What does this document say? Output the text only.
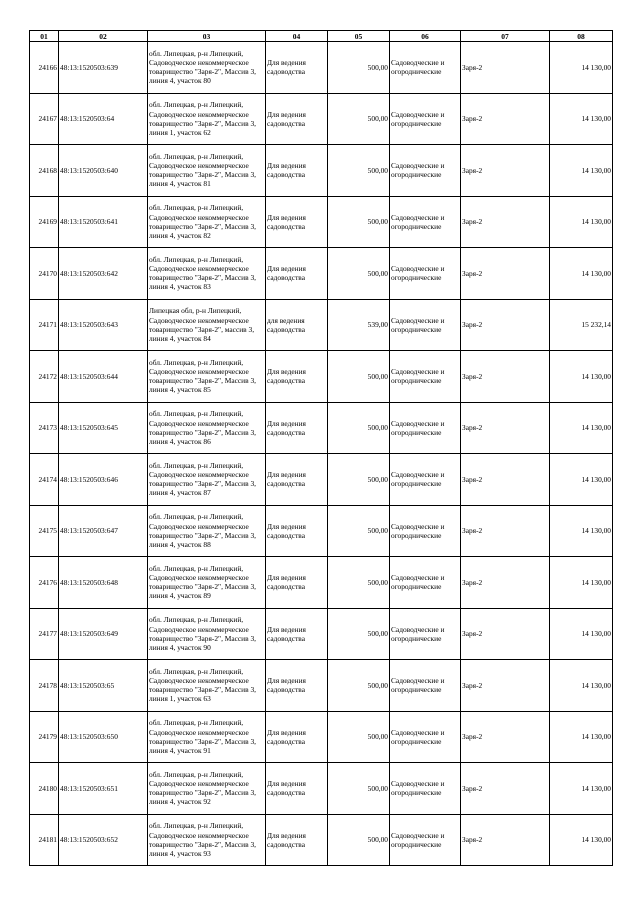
01	02	03	04	05	06	07	08
24166	48:13:1520503:639	обл. Липецкая, р-н Липецкий, Садоводческое некоммерческое товарищество "Заря-2", Массив 3, линия 4, участок 80	Для ведения садоводства	500,00	Садоводческие и огороднические	Заря-2	14 130,00
24167	48:13:1520503:64	обл. Липецкая, р-н Липецкий, Садоводческое некоммерческое товарищество "Заря-2", Массив 3, линия 1, участок 62	Для ведения садоводства	500,00	Садоводческие и огороднические	Заря-2	14 130,00
24168	48:13:1520503:640	обл. Липецкая, р-н Липецкий, Садоводческое некоммерческое товарищество "Заря-2", Массив 3, линия 4, участок 81	Для ведения садоводства	500,00	Садоводческие и огороднические	Заря-2	14 130,00
24169	48:13:1520503:641	обл. Липецкая, р-н Липецкий, Садоводческое некоммерческое товарищество "Заря-2", Массив 3, линия 4, участок 82	Для ведения садоводства	500,00	Садоводческие и огороднические	Заря-2	14 130,00
24170	48:13:1520503:642	обл. Липецкая, р-н Липецкий, Садоводческое некоммерческое товарищество "Заря-2", Массив 3, линия 4, участок 83	Для ведения садоводства	500,00	Садоводческие и огороднические	Заря-2	14 130,00
24171	48:13:1520503:643	Липецкая обл, р-н Липецкий, Садоводческое некоммерческое товарищество "Заря-2", массив 3, линия 4, участок 84	для ведения садоводства	539,00	Садоводческие и огороднические	Заря-2	15 232,14
24172	48:13:1520503:644	обл. Липецкая, р-н Липецкий, Садоводческое некоммерческое товарищество "Заря-2", Массив 3, линия 4, участок 85	Для ведения садоводства	500,00	Садоводческие и огороднические	Заря-2	14 130,00
24173	48:13:1520503:645	обл. Липецкая, р-н Липецкий, Садоводческое некоммерческое товарищество "Заря-2", Массив 3, линия 4, участок 86	Для ведения садоводства	500,00	Садоводческие и огороднические	Заря-2	14 130,00
24174	48:13:1520503:646	обл. Липецкая, р-н Липецкий, Садоводческое некоммерческое товарищество "Заря-2", Массив 3, линия 4, участок 87	Для ведения садоводства	500,00	Садоводческие и огороднические	Заря-2	14 130,00
24175	48:13:1520503:647	обл. Липецкая, р-н Липецкий, Садоводческое некоммерческое товарищество "Заря-2", Массив 3, линия 4, участок 88	Для ведения садоводства	500,00	Садоводческие и огороднические	Заря-2	14 130,00
24176	48:13:1520503:648	обл. Липецкая, р-н Липецкий, Садоводческое некоммерческое товарищество "Заря-2", Массив 3, линия 4, участок 89	Для ведения садоводства	500,00	Садоводческие и огороднические	Заря-2	14 130,00
24177	48:13:1520503:649	обл. Липецкая, р-н Липецкий, Садоводческое некоммерческое товарищество "Заря-2", Массив 3, линия 4, участок 90	Для ведения садоводства	500,00	Садоводческие и огороднические	Заря-2	14 130,00
24178	48:13:1520503:65	обл. Липецкая, р-н Липецкий, Садоводческое некоммерческое товарищество "Заря-2", Массив 3, линия 1, участок 63	Для ведения садоводства	500,00	Садоводческие и огороднические	Заря-2	14 130,00
24179	48:13:1520503:650	обл. Липецкая, р-н Липецкий, Садоводческое некоммерческое товарищество "Заря-2", Массив 3, линия 4, участок 91	Для ведения садоводства	500,00	Садоводческие и огороднические	Заря-2	14 130,00
24180	48:13:1520503:651	обл. Липецкая, р-н Липецкий, Садоводческое некоммерческое товарищество "Заря-2", Массив 3, линия 4, участок 92	Для ведения садоводства	500,00	Садоводческие и огороднические	Заря-2	14 130,00
24181	48:13:1520503:652	обл. Липецкая, р-н Липецкий, Садоводческое некоммерческое товарищество "Заря-2", Массив 3, линия 4, участок 93	Для ведения садоводства	500,00	Садоводческие и огороднические	Заря-2	14 130,00
